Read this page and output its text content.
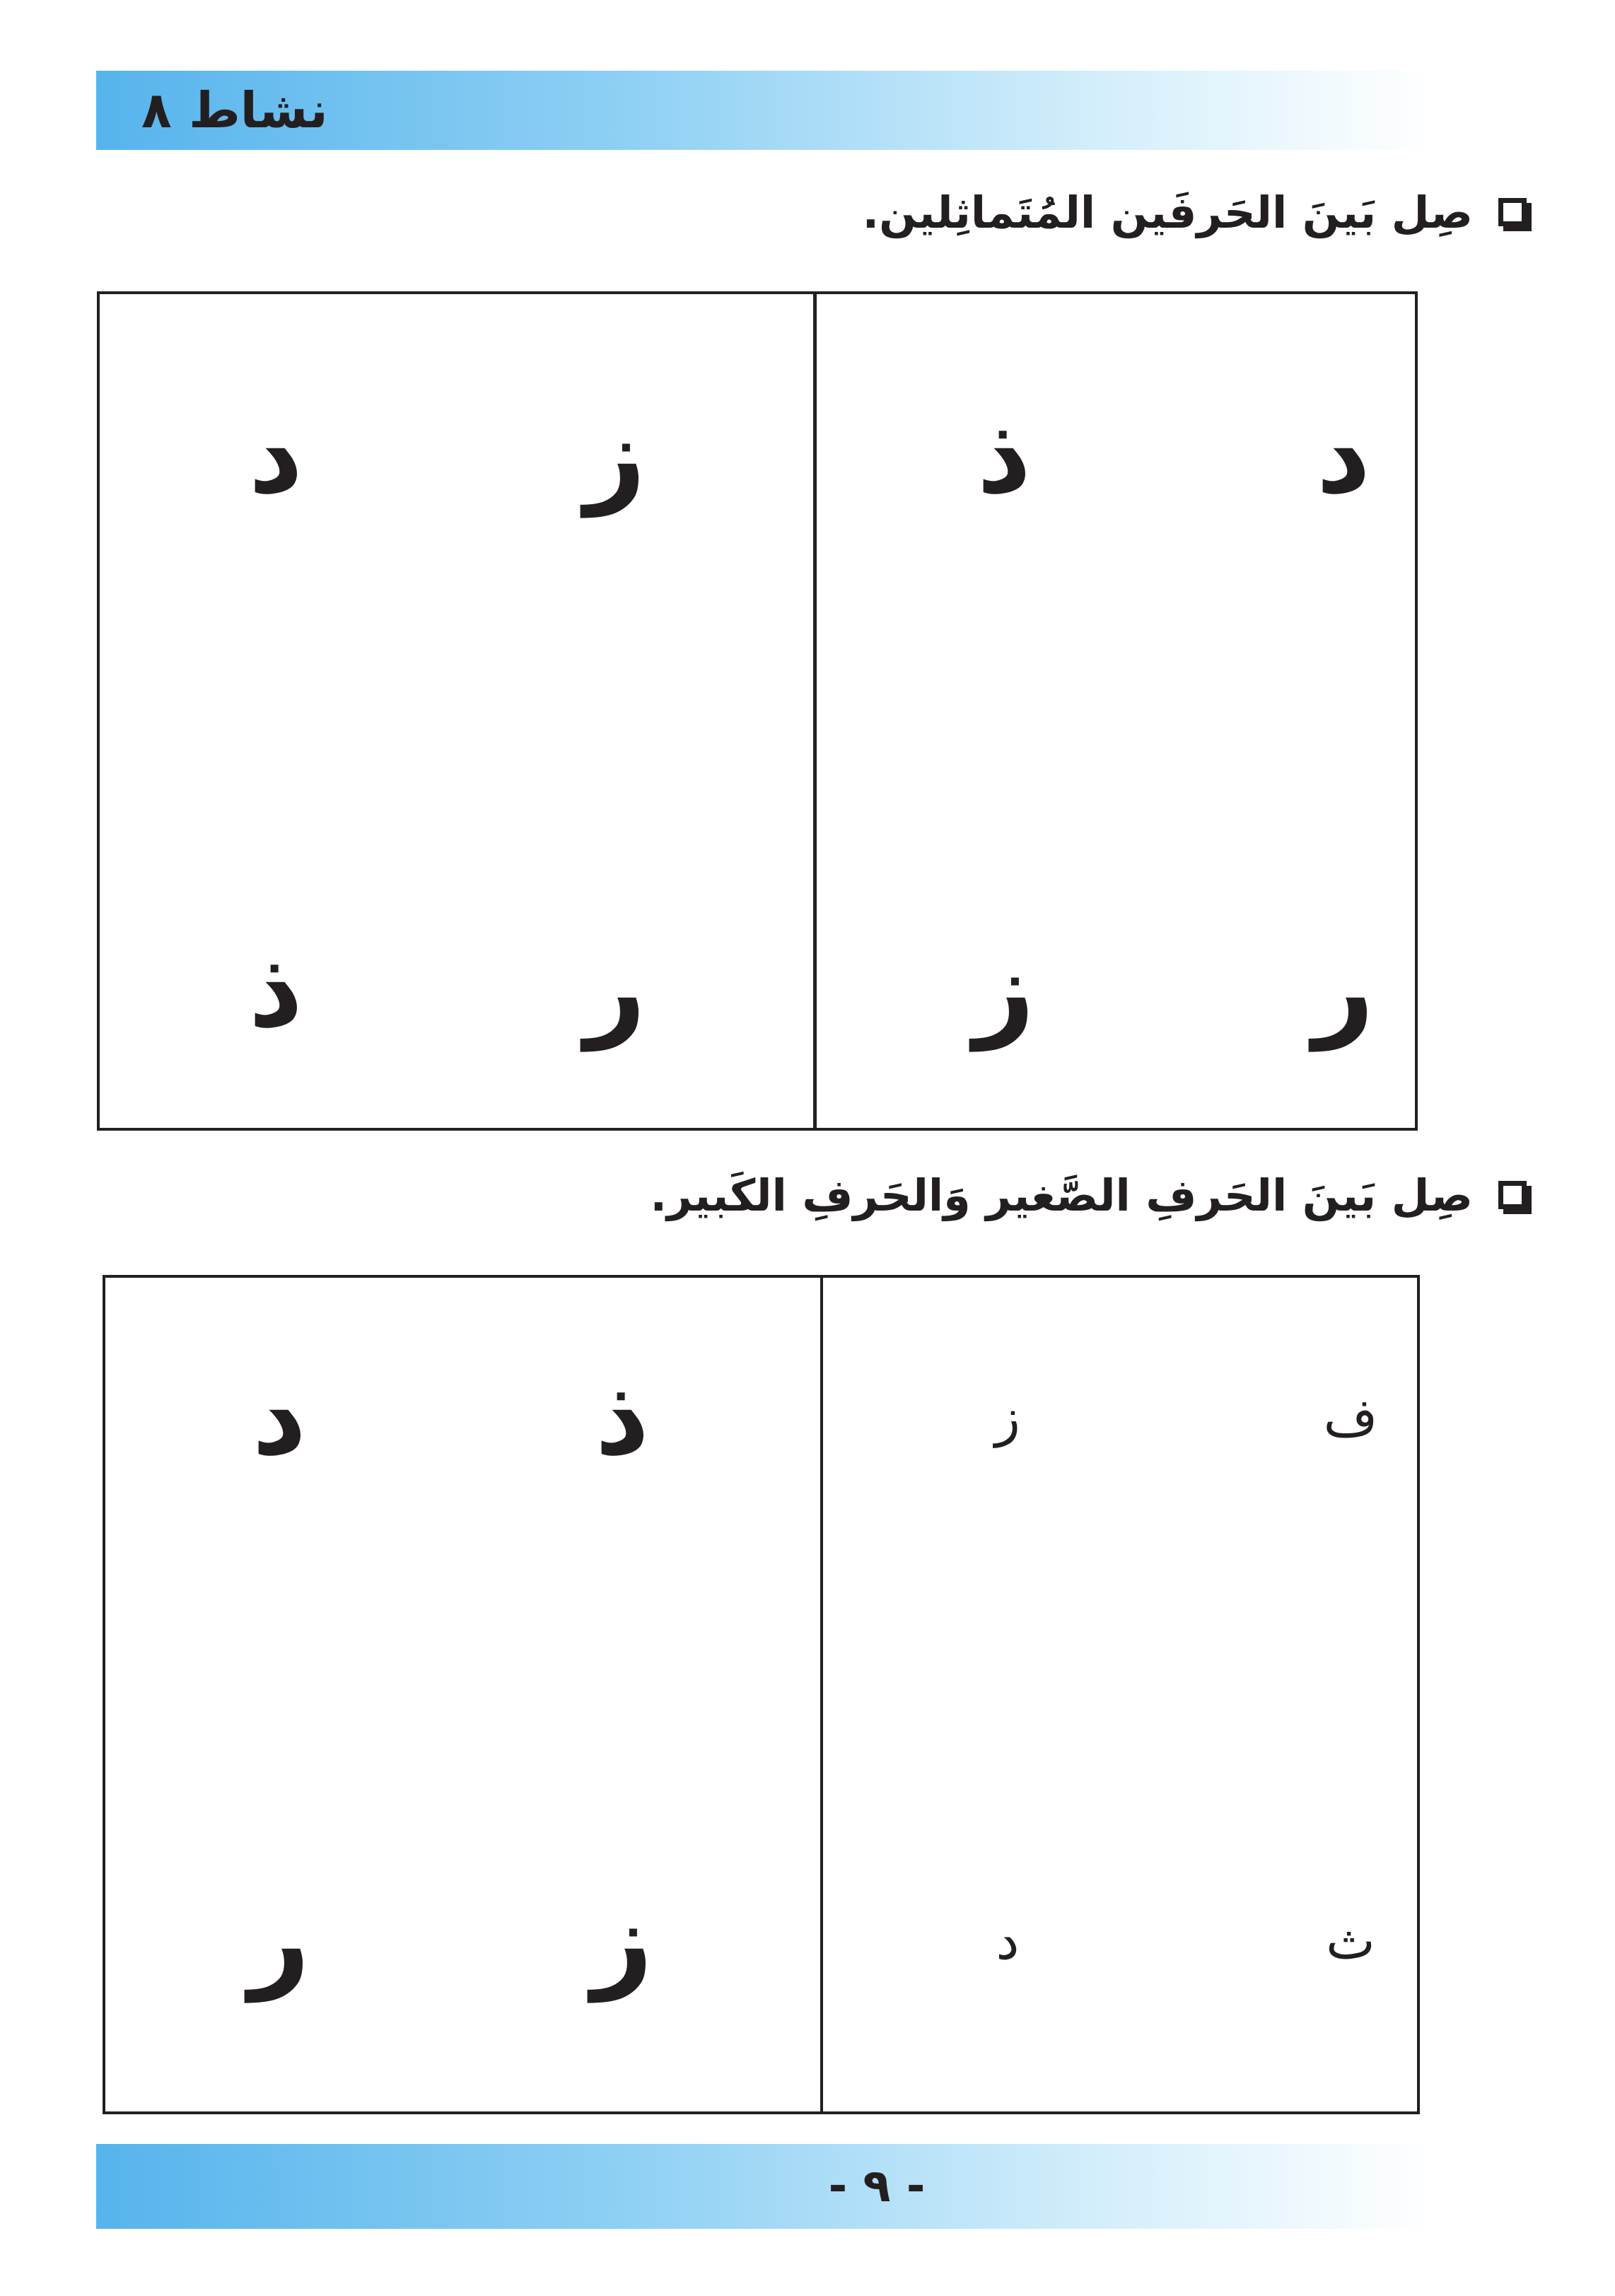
نشاط ٨
صِل بَينَ الحَرفَين المُتَماثِلين.
د
ذ
ر
ز
ز
د
ر
ذ
صِل بَينَ الحَرفِ الصَّغير وَالحَرفِ الكَبير.
ف
ز
ث
د
ذ
د
ز
ر
- ٩ -
